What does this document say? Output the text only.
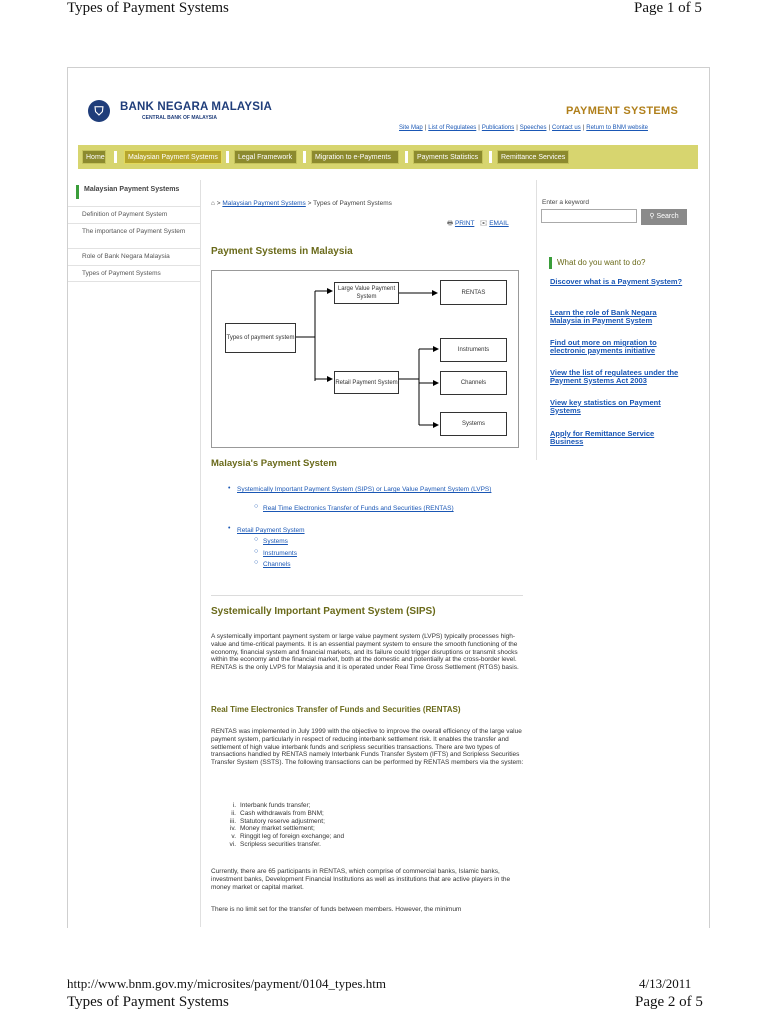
Types of Payment Systems	Page 1 of 5
⛉	BANK NEGARA MALAYSIA
CENTRAL BANK OF MALAYSIA
PAYMENT SYSTEMS
Site Map | List of Regulatees | Publications | Speeches | Contact us | Return to BNM website
Home	Malaysian Payment Systems	Legal Framework	Migration to e-Payments	Payments Statistics	Remittance Services
Malaysian Payment Systems
Definition of Payment System
The importance of Payment System
Role of Bank Negara Malaysia
Types of Payment Systems
⌂ > Malaysian Payment Systems > Types of Payment Systems
🖶 PRINT ✉ EMAIL
Payment Systems in Malaysia
Types of payment system
Large Value Payment System
RENTAS
Retail Payment System
Instruments
Channels
Systems
Malaysia's Payment System
• Systemically Important Payment System (SIPS) or Large Value Payment System (LVPS)
○ Real Time Electronics Transfer of Funds and Securities (RENTAS)
• Retail Payment System
○ Systems
○ Instruments
○ Channels
Systemically Important Payment System (SIPS)
A systemically important payment system or large value payment system (LVPS) typically processes high-value and time-critical payments. It is an essential payment system to ensure the smooth functioning of the economy, financial system and financial markets, and its failure could trigger disruptions or transmit shocks within the economy and the financial market, both at the domestic and potentially at the cross-border level. RENTAS is the only LVPS for Malaysia and it is operated under Real Time Gross Settlement (RTGS) basis.
Real Time Electronics Transfer of Funds and Securities (RENTAS)
RENTAS was implemented in July 1999 with the objective to improve the overall efficiency of the large value payment system, particularly in respect of reducing interbank settlement risk. It enables the transfer and settlement of high value interbank funds and scripless securities transactions. There are two types of transactions handled by RENTAS namely Interbank Funds Transfer System (IFTS) and Scripless Securities Transfer System (SSTS). The following transactions can be performed by RENTAS members via the system:
i. Interbank funds transfer;
ii. Cash withdrawals from BNM;
iii. Statutory reserve adjustment;
iv. Money market settlement;
v. Ringgit leg of foreign exchange; and
vi. Scripless securities transfer.
Currently, there are 65 participants in RENTAS, which comprise of commercial banks, Islamic banks, investment banks, Development Financial Institutions as well as institutions that are active players in the money market or capital market.
There is no limit set for the transfer of funds between members. However, the minimum
Enter a keyword
⚲ Search
What do you want to do?
Discover what is a Payment System?
Learn the role of Bank Negara Malaysia in Payment System
Find out more on migration to electronic payments initiative
View the list of regulatees under the Payment Systems Act 2003
View key statistics on Payment Systems
Apply for Remittance Service Business
http://www.bnm.gov.my/microsites/payment/0104_types.htm	4/13/2011
Types of Payment Systems	Page 2 of 5
